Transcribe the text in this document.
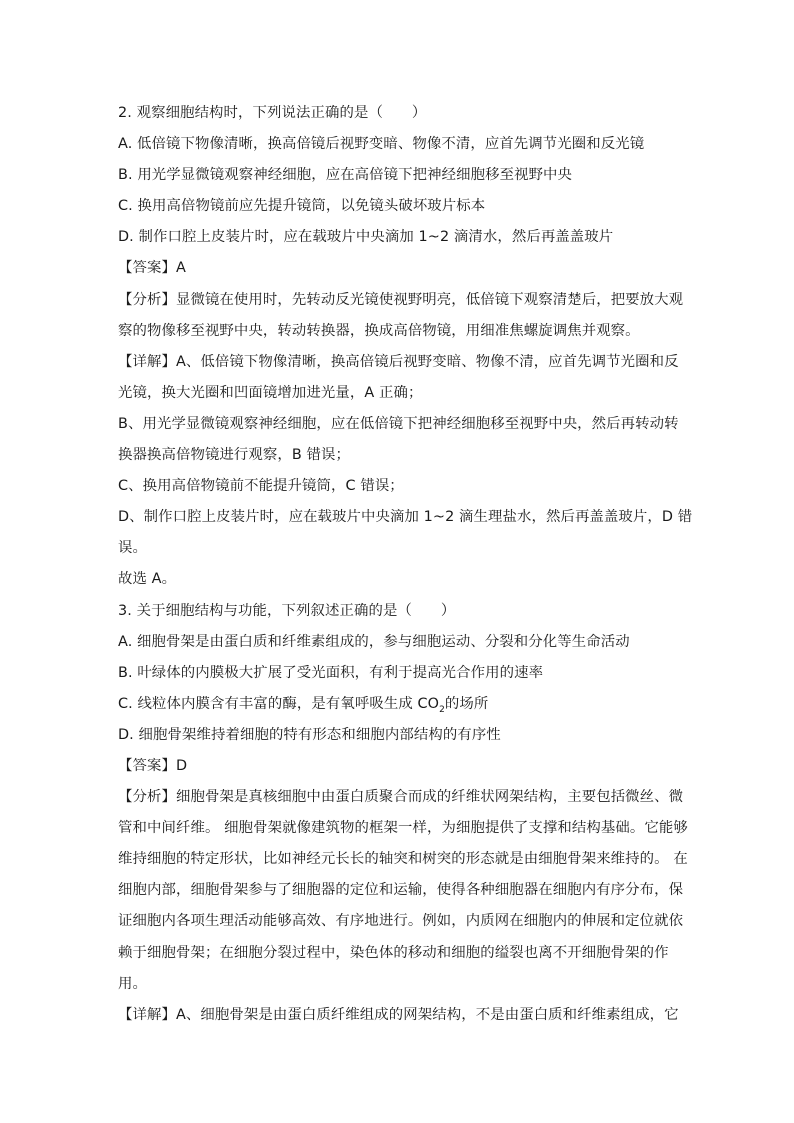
2. 观察细胞结构时，下列说法正确的是（　　）
A. 低倍镜下物像清晰，换高倍镜后视野变暗、物像不清，应首先调节光圈和反光镜
B. 用光学显微镜观察神经细胞，应在高倍镜下把神经细胞移至视野中央
C. 换用高倍物镜前应先提升镜筒，以免镜头破坏玻片标本
D. 制作口腔上皮装片时，应在载玻片中央滴加 1~2 滴清水，然后再盖盖玻片
【答案】A
【分析】显微镜在使用时，先转动反光镜使视野明亮，低倍镜下观察清楚后，把要放大观
察的物像移至视野中央，转动转换器，换成高倍物镜，用细准焦螺旋调焦并观察。
【详解】A、低倍镜下物像清晰，换高倍镜后视野变暗、物像不清，应首先调节光圈和反
光镜，换大光圈和凹面镜增加进光量，A 正确；
B、用光学显微镜观察神经细胞，应在低倍镜下把神经细胞移至视野中央，然后再转动转
换器换高倍物镜进行观察，B 错误；
C、换用高倍物镜前不能提升镜筒，C 错误；
D、制作口腔上皮装片时，应在载玻片中央滴加 1~2 滴生理盐水，然后再盖盖玻片，D 错
误。
故选 A。
3. 关于细胞结构与功能，下列叙述正确的是（　　）
A. 细胞骨架是由蛋白质和纤维素组成的，参与细胞运动、分裂和分化等生命活动
B. 叶绿体的内膜极大扩展了受光面积，有利于提高光合作用的速率
C. 线粒体内膜含有丰富的酶，是有氧呼吸生成 $CO_2$的场所
D. 细胞骨架维持着细胞的特有形态和细胞内部结构的有序性
【答案】D
【分析】细胞骨架是真核细胞中由蛋白质聚合而成的纤维状网架结构，主要包括微丝、微
管和中间纤维。 细胞骨架就像建筑物的框架一样，为细胞提供了支撑和结构基础。它能够
维持细胞的特定形状，比如神经元长长的轴突和树突的形态就是由细胞骨架来维持的。 在
细胞内部，细胞骨架参与了细胞器的定位和运输，使得各种细胞器在细胞内有序分布，保
证细胞内各项生理活动能够高效、有序地进行。例如，内质网在细胞内的伸展和定位就依
赖于细胞骨架；在细胞分裂过程中，染色体的移动和细胞的缢裂也离不开细胞骨架的作
用。
【详解】A、细胞骨架是由蛋白质纤维组成的网架结构，不是由蛋白质和纤维素组成，它
